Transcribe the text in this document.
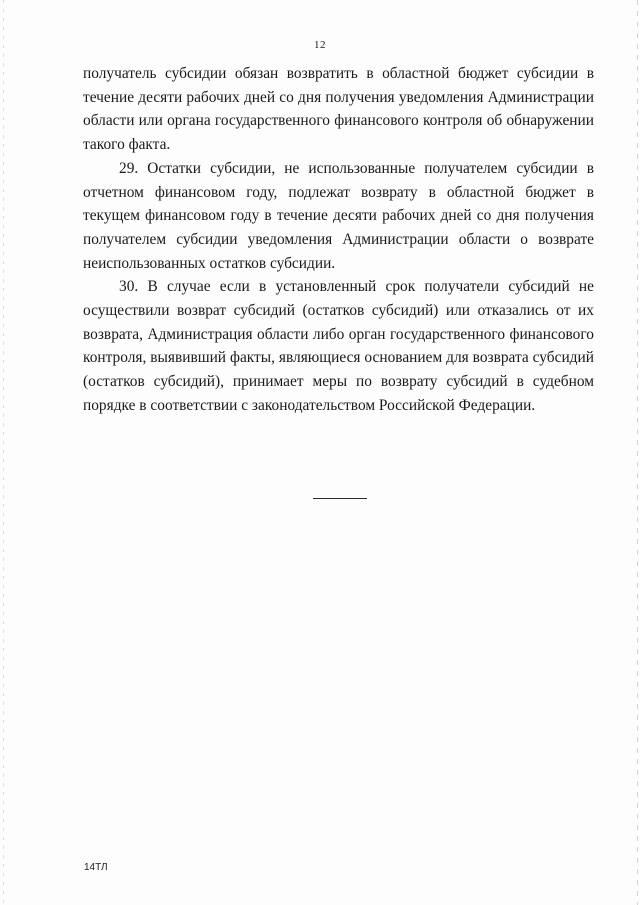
12

получатель субсидии обязан возвратить в областной бюджет субсидии в течение десяти рабочих дней со дня получения уведомления Администрации области или органа государственного финансового контроля об обнаружении такого факта.

29. Остатки субсидии, не использованные получателем субсидии в отчетном финансовом году, подлежат возврату в областной бюджет в текущем финансовом году в течение десяти рабочих дней со дня получения получателем субсидии уведомления Администрации области о возврате неиспользованных остатков субсидии.

30. В случае если в установленный срок получатели субсидий не осуществили возврат субсидий (остатков субсидий) или отказались от их возврата, Администрация области либо орган государственного финансового контроля, выявивший факты, являющиеся основанием для возврата субсидий (остатков субсидий), принимает меры по возврату субсидий в судебном порядке в соответствии с законодательством Российской Федерации.

14ТЛ
